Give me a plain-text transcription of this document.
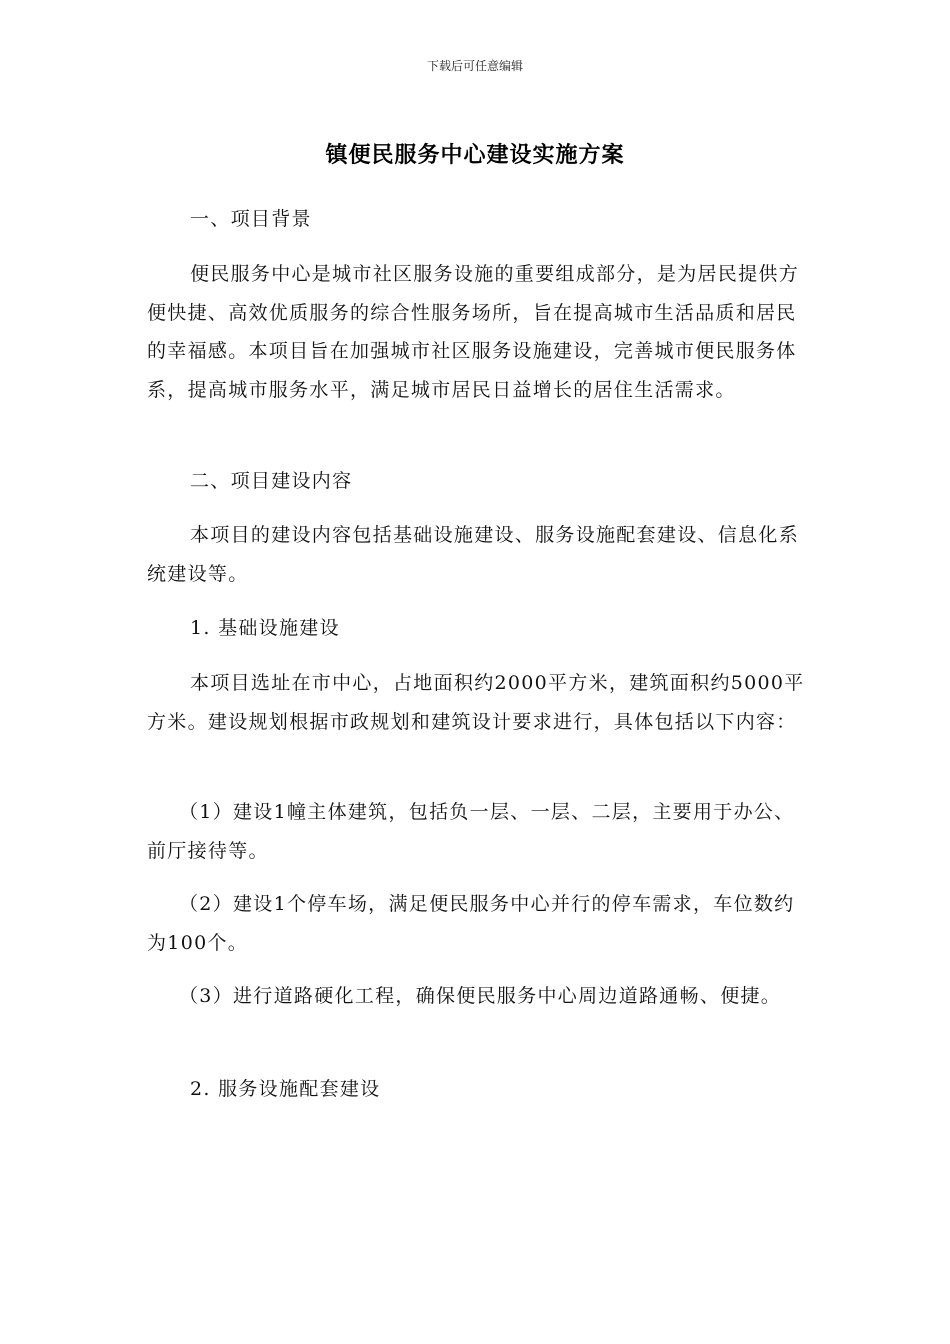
下载后可任意编辑
镇便民服务中心建设实施方案

一、项目背景

便民服务中心是城市社区服务设施的重要组成部分，是为居民提供方便快捷、高效优质服务的综合性服务场所，旨在提高城市生活品质和居民的幸福感。本项目旨在加强城市社区服务设施建设，完善城市便民服务体系，提高城市服务水平，满足城市居民日益增长的居住生活需求。

二、项目建设内容

本项目的建设内容包括基础设施建设、服务设施配套建设、信息化系统建设等。

1. 基础设施建设

本项目选址在市中心，占地面积约2000平方米，建筑面积约5000平方米。建设规划根据市政规划和建筑设计要求进行，具体包括以下内容：

（1）建设1幢主体建筑，包括负一层、一层、二层，主要用于办公、前厅接待等。

（2）建设1个停车场，满足便民服务中心并行的停车需求，车位数约为100个。

（3）进行道路硬化工程，确保便民服务中心周边道路通畅、便捷。

2. 服务设施配套建设
